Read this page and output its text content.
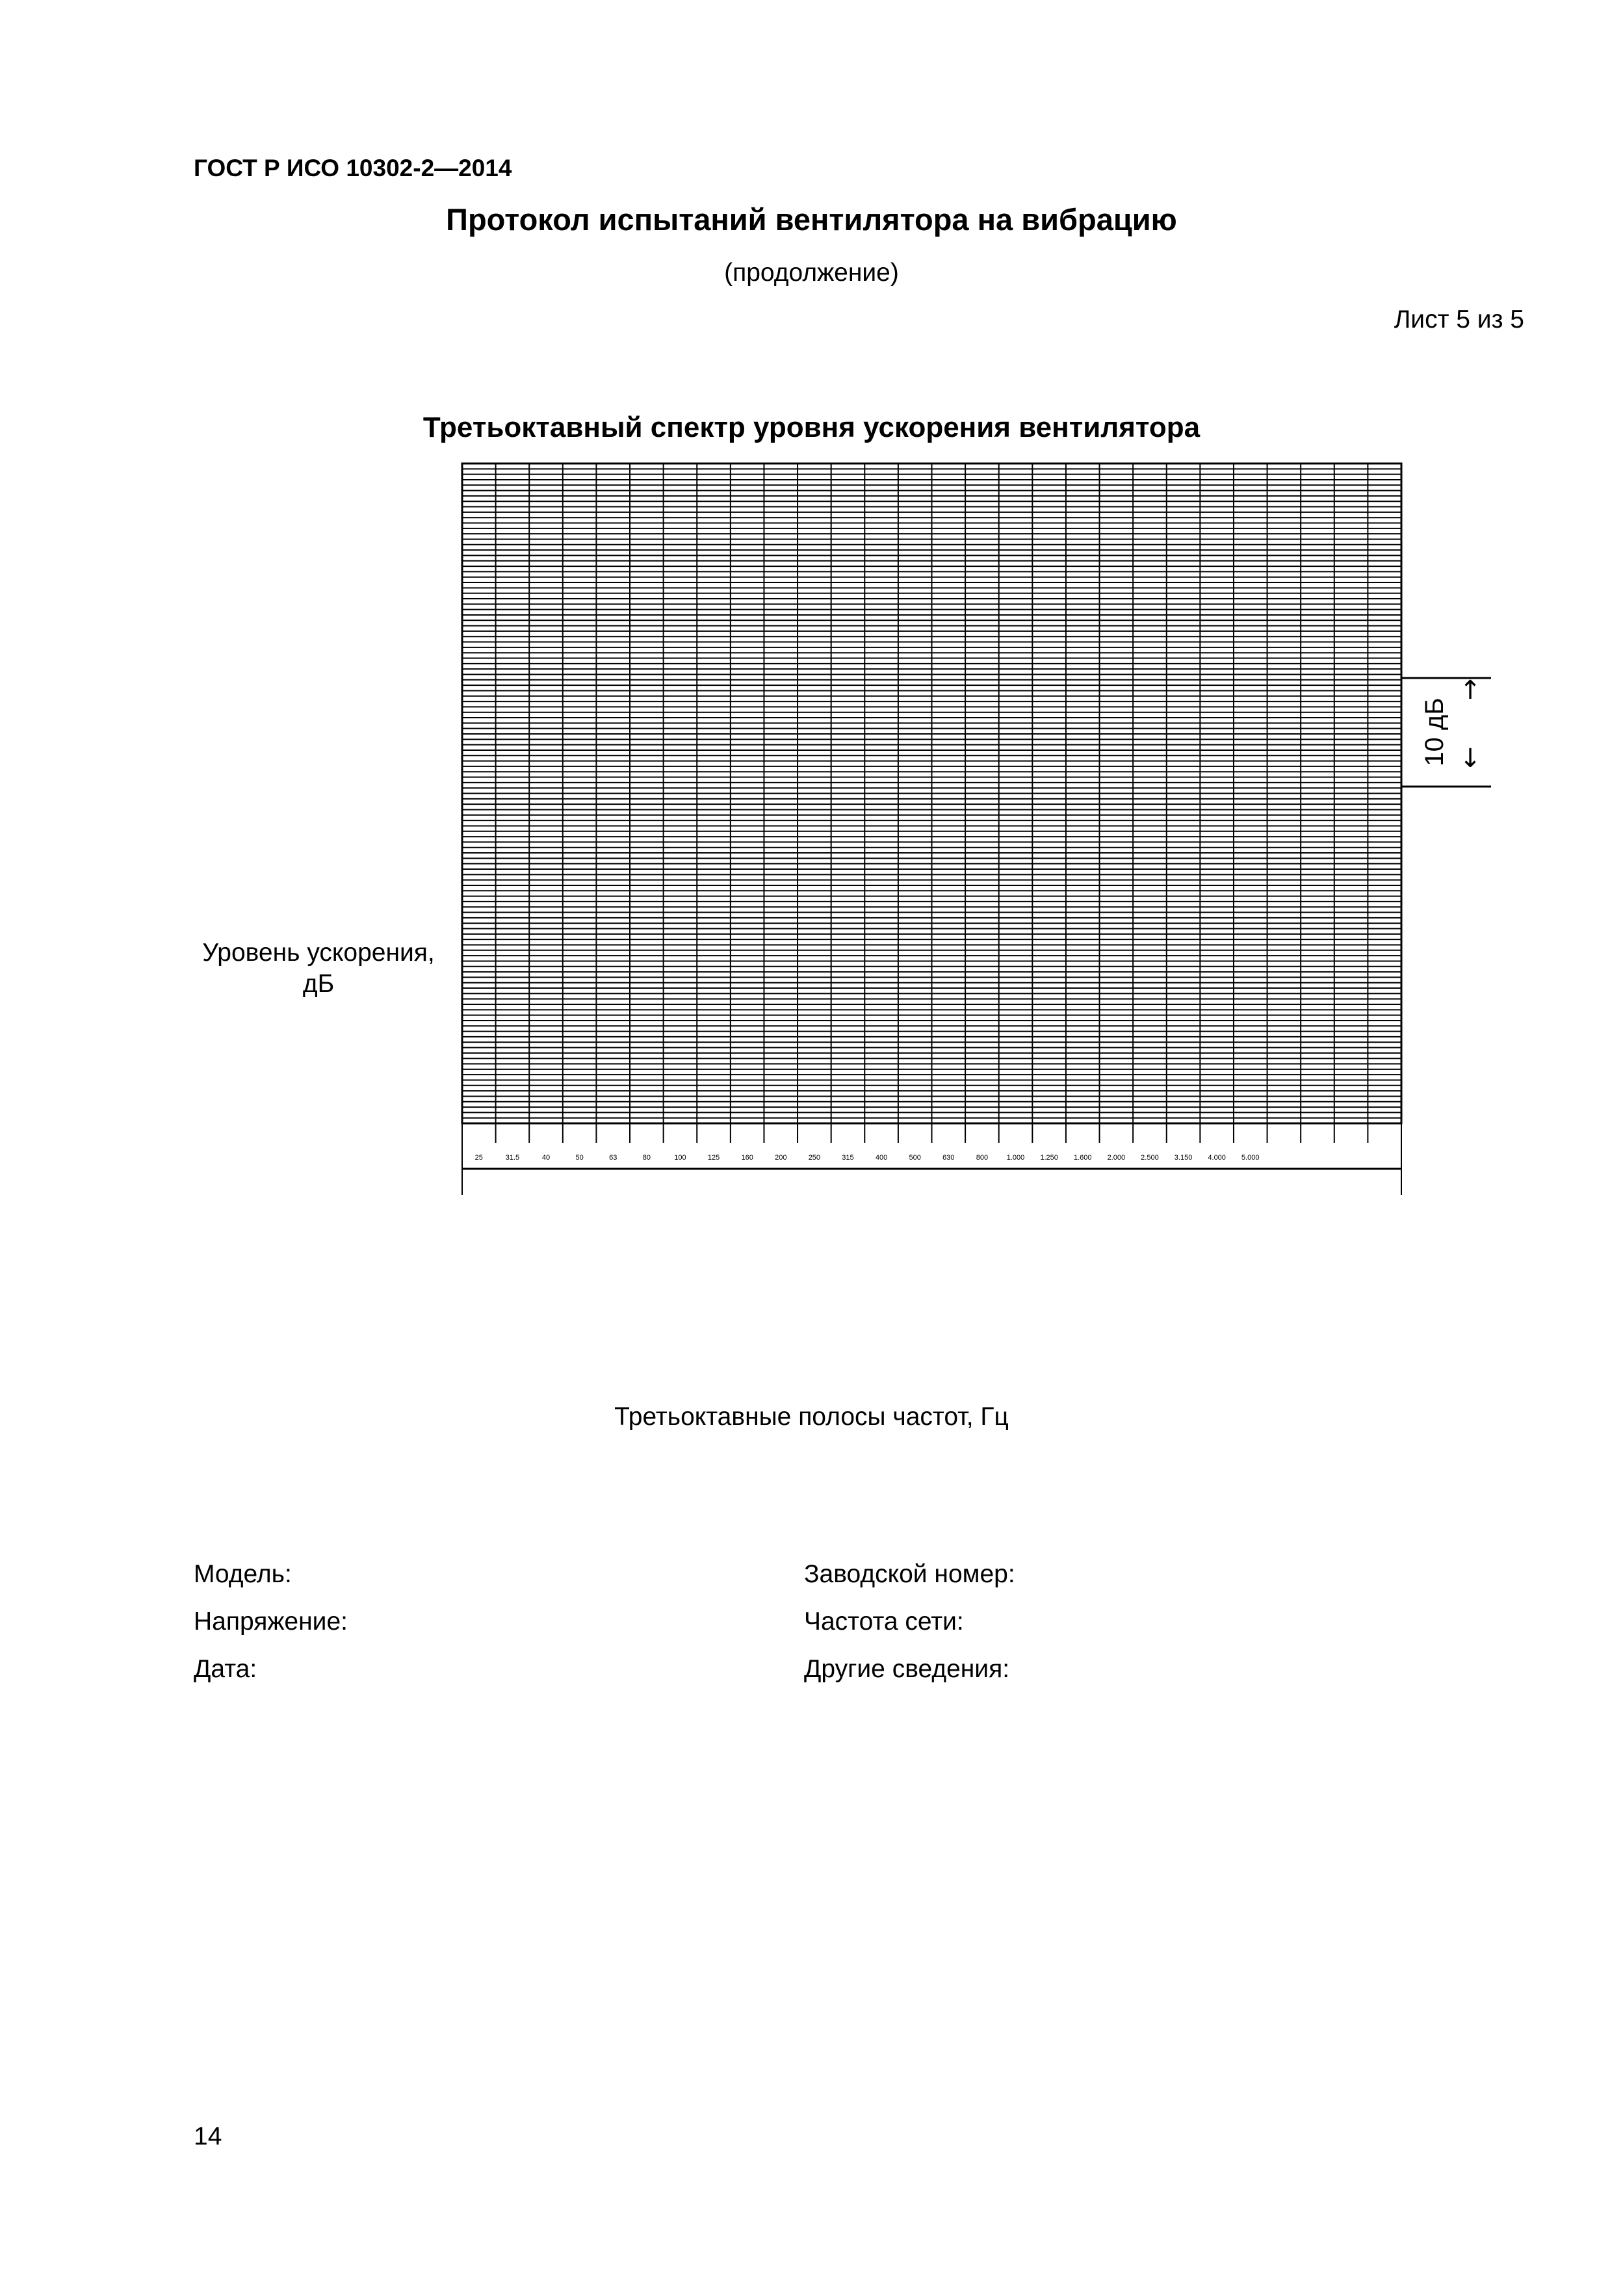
ГОСТ Р ИСО 10302-2—2014
Протокол испытаний вентилятора на вибрацию
(продолжение)
Лист 5 из 5
Третьоктавный спектр уровня ускорения вентилятора
Уровень ускорения, дБ
25	31.5	40	50	63	80	100	125	160	200	250	315	400	500	630	800	1.000 1.250 1.600 2.000 2.500 3.150 4.000 5.000
↑
↓
10 дБ
Третьоктавные полосы частот, Гц
Модель:
Напряжение:
Дата:
Заводской номер:
Частота сети:
Другие сведения:
14
